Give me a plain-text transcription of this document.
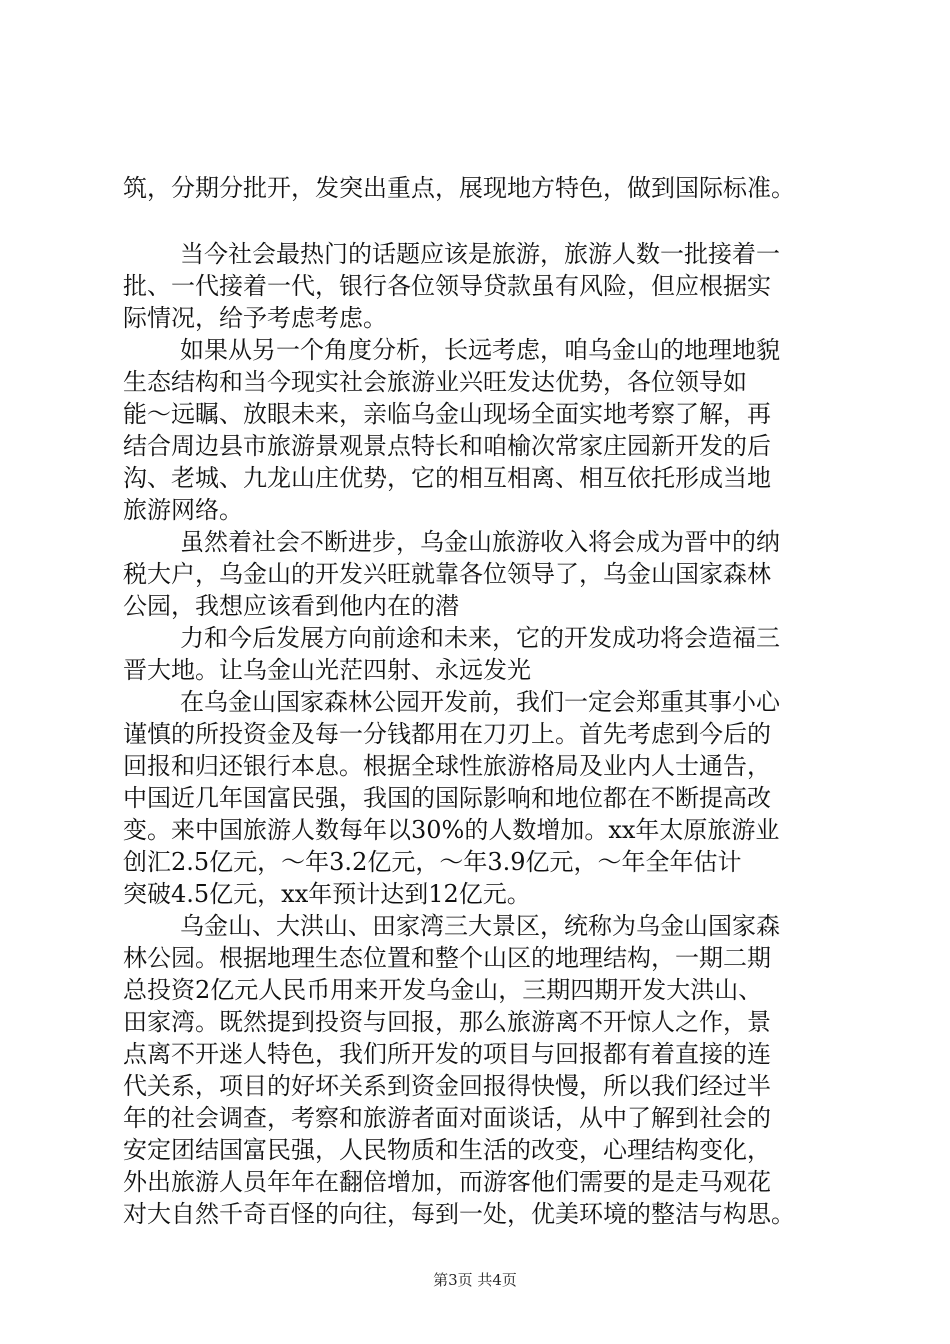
筑，分期分批开，发突出重点，展现地方特色，做到国际标准。

当今社会最热门的话题应该是旅游，旅游人数一批接着一

批、一代接着一代，银行各位领导贷款虽有风险，但应根据实

际情况，给予考虑考虑。

如果从另一个角度分析，长远考虑，咱乌金山的地理地貌

生态结构和当今现实社会旅游业兴旺发达优势，各位领导如

能～远瞩、放眼未来，亲临乌金山现场全面实地考察了解，再

结合周边县市旅游景观景点特长和咱榆次常家庄园新开发的后

沟、老城、九龙山庄优势，它的相互相离、相互依托形成当地

旅游网络。

虽然着社会不断进步，乌金山旅游收入将会成为晋中的纳

税大户，乌金山的开发兴旺就靠各位领导了，乌金山国家森林

公园，我想应该看到他内在的潜

力和今后发展方向前途和未来，它的开发成功将会造福三

晋大地。让乌金山光茫四射、永远发光

在乌金山国家森林公园开发前，我们一定会郑重其事小心

谨慎的所投资金及每一分钱都用在刀刃上。首先考虑到今后的

回报和归还银行本息。根据全球性旅游格局及业内人士通告，

中国近几年国富民强，我国的国际影响和地位都在不断提高改

变。来中国旅游人数每年以30%的人数增加。xx年太原旅游业

创汇2.5亿元，～年3.2亿元，～年3.9亿元，～年全年估计

突破4.5亿元，xx年预计达到12亿元。

乌金山、大洪山、田家湾三大景区，统称为乌金山国家森

林公园。根据地理生态位置和整个山区的地理结构，一期二期

总投资2亿元人民币用来开发乌金山，三期四期开发大洪山、

田家湾。既然提到投资与回报，那么旅游离不开惊人之作，景

点离不开迷人特色，我们所开发的项目与回报都有着直接的连

代关系，项目的好坏关系到资金回报得快慢，所以我们经过半

年的社会调查，考察和旅游者面对面谈话，从中了解到社会的

安定团结国富民强，人民物质和生活的改变，心理结构变化，

外出旅游人员年年在翻倍增加，而游客他们需要的是走马观花

对大自然千奇百怪的向往，每到一处，优美环境的整洁与构思。

第3页 共4页
